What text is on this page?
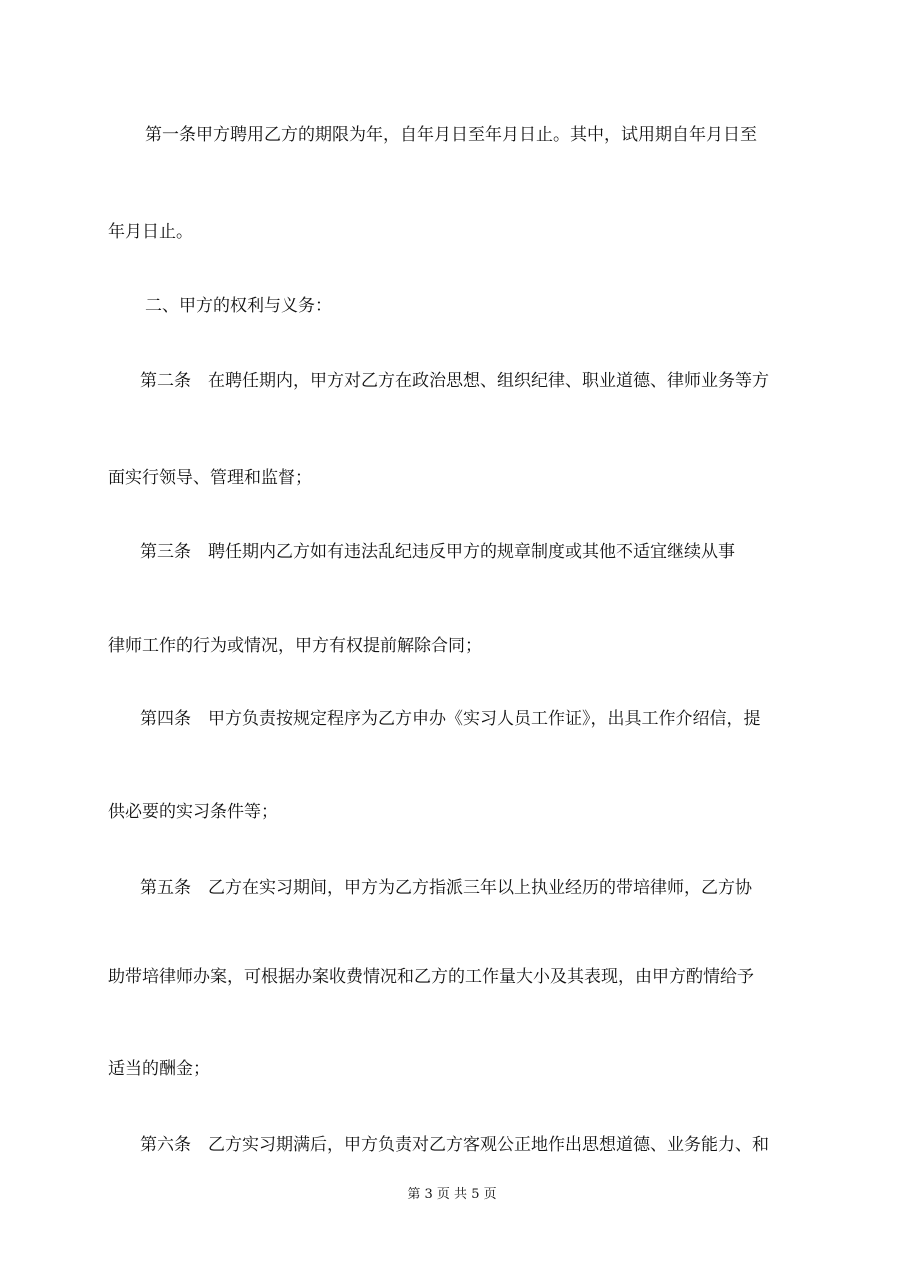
第一条甲方聘用乙方的期限为年，自年月日至年月日止。其中，试用期自年月日至
年月日止。
二、甲方的权利与义务：
第二条　在聘任期内，甲方对乙方在政治思想、组织纪律、职业道德、律师业务等方
面实行领导、管理和监督；
第三条　聘任期内乙方如有违法乱纪违反甲方的规章制度或其他不适宜继续从事
律师工作的行为或情况，甲方有权提前解除合同；
第四条　甲方负责按规定程序为乙方申办《实习人员工作证》，出具工作介绍信，提
供必要的实习条件等；
第五条　乙方在实习期间，甲方为乙方指派三年以上执业经历的带培律师，乙方协
助带培律师办案，可根据办案收费情况和乙方的工作量大小及其表现，由甲方酌情给予
适当的酬金；
第六条　乙方实习期满后，甲方负责对乙方客观公正地作出思想道德、业务能力、和
第 3 页 共 5 页
